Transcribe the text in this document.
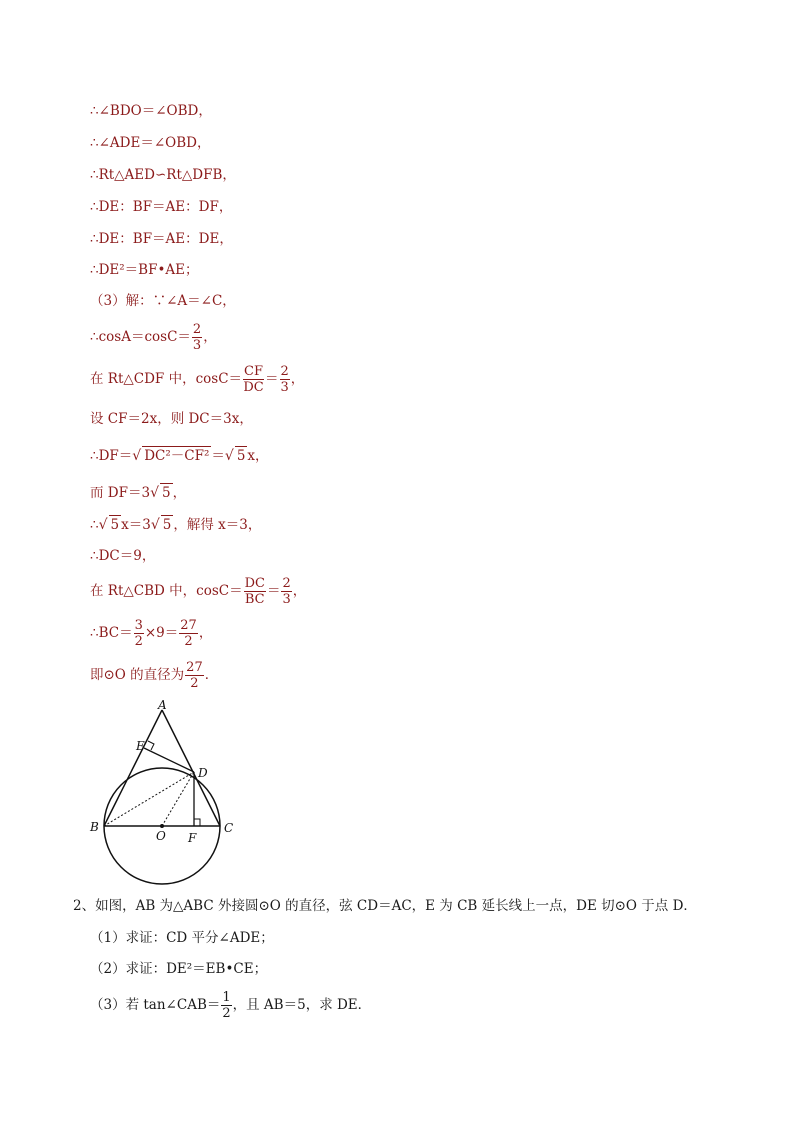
∴∠BDO＝∠OBD，
∴∠ADE＝∠OBD，
∴Rt△AED∽Rt△DFB，
∴DE：BF＝AE：DF，
∴DE：BF＝AE：DE，
∴DE²＝BF•AE；
（3）解：∵∠A＝∠C，
∴cosA＝cosC＝ $\frac{2}{3}$ ，
在 Rt△CDF 中，$\cos C= \frac{CF}{DC} = \frac{2}{3}$ ，
设 CF＝2x，则 DC＝3x，
∴DF＝√ DC²－CF² ＝√ 5 x，
而 DF＝3√ 5 ，
∴√ 5 x＝3√ 5 ，解得 x＝3，
∴DC＝9，
在 Rt△CBD 中，$\cos C= \frac{DC}{BC} = \frac{2}{3}$ ，
∴BC＝ $\frac{3}{2} \times 9= \frac{27}{2}$ ，
即⊙O 的直径为 $\frac{27}{2}$ ．
A
E
D
B
O F
C
2、如图，AB 为△ABC 外接圆⊙O 的直径，弦 CD＝AC，E 为 CB 延长线上一点，DE 切⊙O 于点 D．
（1）求证：CD 平分∠ADE；
（2）求证：DE²＝EB•CE；
（3）若 tan∠CAB＝ $\frac{1}{2}$ ，且 AB＝5，求 DE．
